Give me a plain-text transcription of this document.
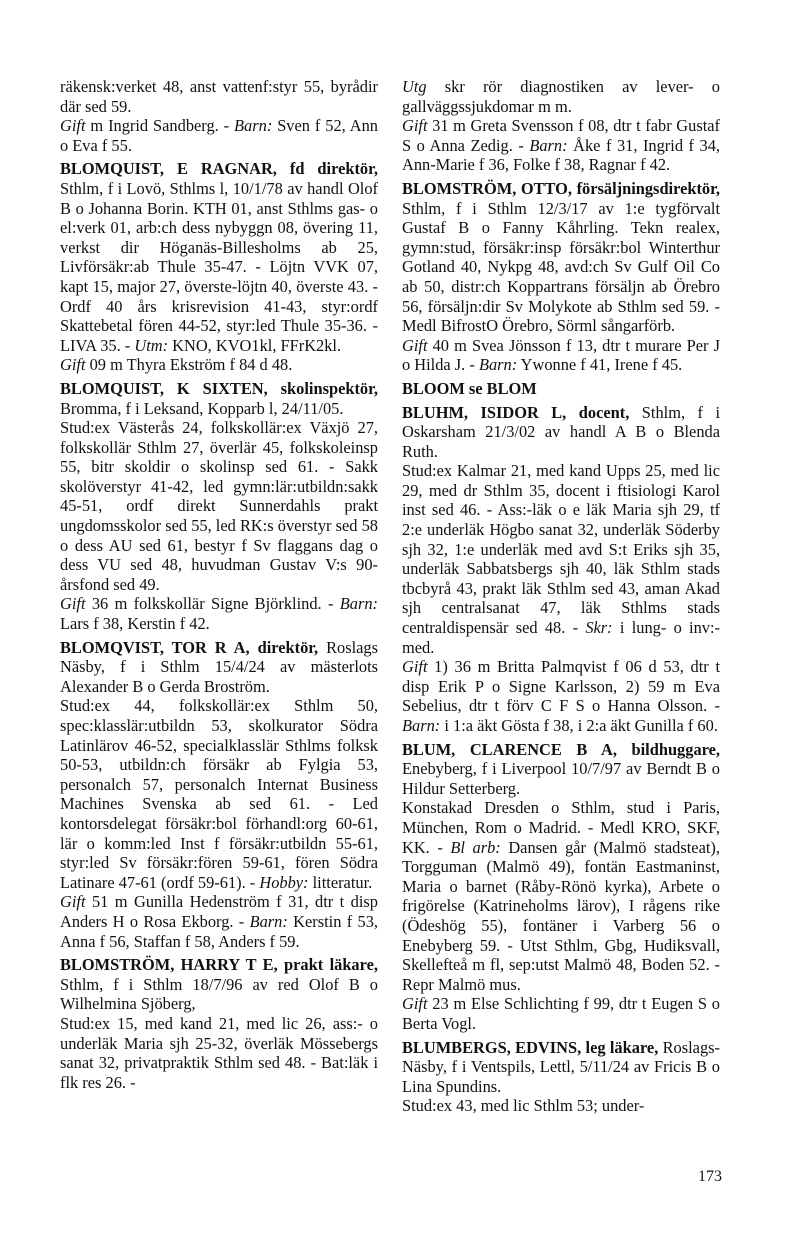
räkensk:verket 48, anst vattenf:styr 55, byrådir där sed 59.

Gift m Ingrid Sandberg. - Barn: Sven f 52, Ann o Eva f 55.

BLOMQUIST, E RAGNAR, fd direktör, Sthlm, f i Lovö, Sthlms l, 10/1/78 av handl Olof B o Johanna Borin. KTH 01, anst Sthlms gas- o el:verk 01, arb:ch dess nybyggn 08, övering 11, verkst dir Höganäs-Billesholms ab 25, Livförsäkr:ab Thule 35-47. - Löjtn VVK 07, kapt 15, major 27, överste-löjtn 40, överste 43. - Ordf 40 års krisrevision 41-43, styr:ordf Skattebetal fören 44-52, styr:led Thule 35-36. - LIVA 35. - Utm: KNO, KVO1kl, FFrK2kl.

Gift 09 m Thyra Ekström f 84 d 48.

BLOMQUIST, K SIXTEN, skolinspektör, Bromma, f i Leksand, Kopparb l, 24/11/05.

Stud:ex Västerås 24, folkskollär:ex Växjö 27, folkskollär Sthlm 27, överlär 45, folkskoleinsp 55, bitr skoldir o skolinsp sed 61. - Sakk skolöverstyr 41-42, led gymn:lär:utbildn:sakk 45-51, ordf direkt Sunnerdahls prakt ungdomsskolor sed 55, led RK:s överstyr sed 58 o dess AU sed 61, bestyr f Sv flaggans dag o dess VU sed 48, huvudman Gustav V:s 90-årsfond sed 49.

Gift 36 m folkskollär Signe Björklind. - Barn: Lars f 38, Kerstin f 42.

BLOMQVIST, TOR R A, direktör, Roslags Näsby, f i Sthlm 15/4/24 av mästerlots Alexander B o Gerda Broström.

Stud:ex 44, folkskollär:ex Sthlm 50, spec:klasslär:utbildn 53, skolkurator Södra Latinlärov 46-52, specialklasslär Sthlms folksk 50-53, utbildn:ch försäkr ab Fylgia 53, personalch 57, personalch Internat Business Machines Svenska ab sed 61. - Led kontorsdelegat försäkr:bol förhandl:org 60-61, lär o komm:led Inst f försäkr:utbildn 55-61, styr:led Sv försäkr:fören 59-61, fören Södra Latinare 47-61 (ordf 59-61). - Hobby: litteratur.

Gift 51 m Gunilla Hedenström f 31, dtr t disp Anders H o Rosa Ekborg. - Barn: Kerstin f 53, Anna f 56, Staffan f 58, Anders f 59.

BLOMSTRÖM, HARRY T E, prakt läkare, Sthlm, f i Sthlm 18/7/96 av red Olof B o Wilhelmina Sjöberg,

Stud:ex 15, med kand 21, med lic 26, ass:- o underläk Maria sjh 25-32, överläk Mössebergs sanat 32, privatpraktik Sthlm sed 48. - Bat:läk i flk res 26. -

Utg skr rör diagnostiken av lever- o gallväggssjukdomar m m.

Gift 31 m Greta Svensson f 08, dtr t fabr Gustaf S o Anna Zedig. - Barn: Åke f 31, Ingrid f 34, Ann-Marie f 36, Folke f 38, Ragnar f 42.

BLOMSTRÖM, OTTO, försäljningsdirektör, Sthlm, f i Sthlm 12/3/17 av 1:e tygförvalt Gustaf B o Fanny Kåhrling. Tekn realex, gymn:stud, försäkr:insp försäkr:bol Winterthur Gotland 40, Nykpg 48, avd:ch Sv Gulf Oil Co ab 50, distr:ch Koppartrans försäljn ab Örebro 56, försäljn:dir Sv Molykote ab Sthlm sed 59. - Medl BifrostO Örebro, Sörml sångarförb.

Gift 40 m Svea Jönsson f 13, dtr t murare Per J o Hilda J. - Barn: Ywonne f 41, Irene f 45.

BLOOM se BLOM

BLUHM, ISIDOR L, docent, Sthlm, f i Oskarsham 21/3/02 av handl A B o Blenda Ruth.

Stud:ex Kalmar 21, med kand Upps 25, med lic 29, med dr Sthlm 35, docent i ftisiologi Karol inst sed 46. - Ass:-läk o e läk Maria sjh 29, tf 2:e underläk Högbo sanat 32, underläk Söderby sjh 32, 1:e underläk med avd S:t Eriks sjh 35, underläk Sabbatsbergs sjh 40, läk Sthlm stads tbcbyrå 43, prakt läk Sthlm sed 43, aman Akad sjh centralsanat 47, läk Sthlms stads centraldispensär sed 48. - Skr: i lung- o inv:-med.

Gift 1) 36 m Britta Palmqvist f 06 d 53, dtr t disp Erik P o Signe Karlsson, 2) 59 m Eva Sebelius, dtr t förv C F S o Hanna Olsson. - Barn: i 1:a äkt Gösta f 38, i 2:a äkt Gunilla f 60.

BLUM, CLARENCE B A, bildhuggare, Enebyberg, f i Liverpool 10/7/97 av Berndt B o Hildur Setterberg.

Konstakad Dresden o Sthlm, stud i Paris, München, Rom o Madrid. - Medl KRO, SKF, KK. - Bl arb: Dansen går (Malmö stadsteat), Torgguman (Malmö 49), fontän Eastmaninst, Maria o barnet (Råby-Rönö kyrka), Arbete o frigörelse (Katrineholms lärov), I rågens rike (Ödeshög 55), fontäner i Varberg 56 o Enebyberg 59. - Utst Sthlm, Gbg, Hudiksvall, Skellefteå m fl, sep:utst Malmö 48, Boden 52. - Repr Malmö mus.

Gift 23 m Else Schlichting f 99, dtr t Eugen S o Berta Vogl.

BLUMBERGS, EDVINS, leg läkare, Roslags-Näsby, f i Ventspils, Lettl, 5/11/24 av Fricis B o Lina Spundins.

Stud:ex 43, med lic Sthlm 53; under-

173
